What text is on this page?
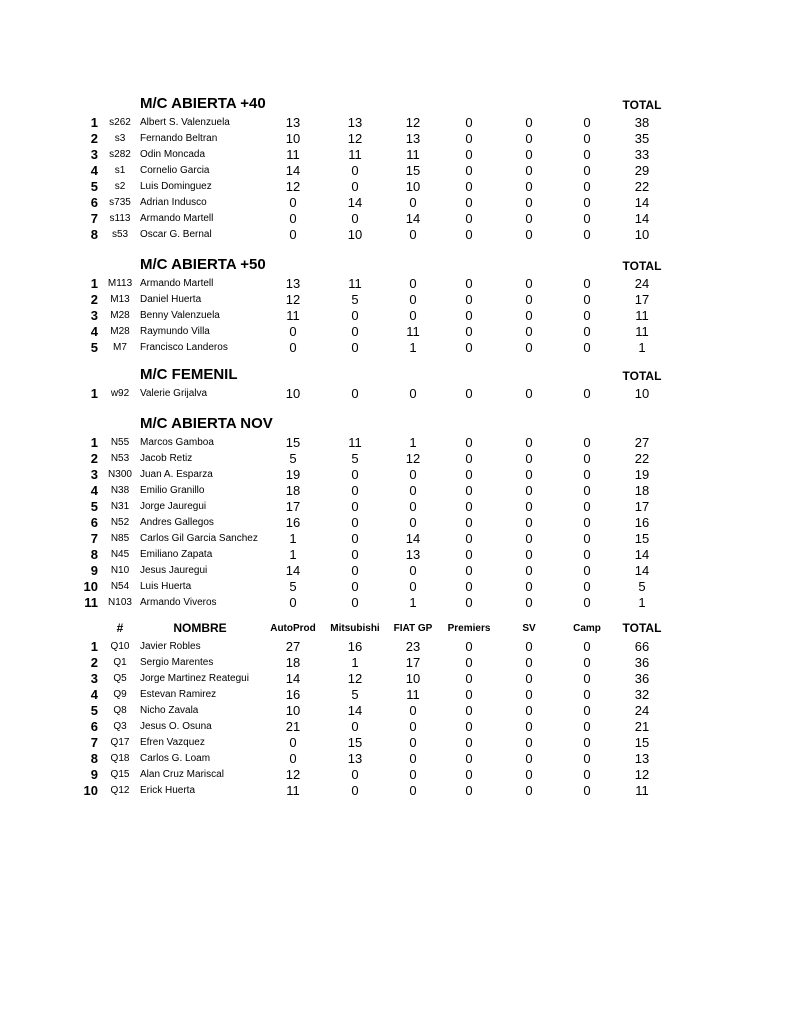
M/C ABIERTA +40	TOTAL
1	s262 Albert S. Valenzuela	13	13	12	0	0	0	38
2	s3	Fernando Beltran	10	12	13	0	0	0	35
3	s282 Odin Moncada	11	11	11	0	0	0	33
4	s1	Cornelio Garcia	14	0	15	0	0	0	29
5	s2	Luis Dominguez	12	0	10	0	0	0	22
6	s735 Adrian Indusco	0	14	0	0	0	0	14
7	s113 Armando Martell	0	0	14	0	0	0	14
8	s53	Oscar G. Bernal	0	10	0	0	0	0	10
M/C ABIERTA +50	TOTAL
1 M113 Armando Martell	13	11	0	0	0	0	24
2	M13	Daniel Huerta	12	5	0	0	0	0	17
3	M28	Benny Valenzuela	11	0	0	0	0	0	11
4	M28	Raymundo Villa	0	0	11	0	0	0	11
5	M7	Francisco Landeros	0	0	1	0	0	0	1
M/C FEMENIL	TOTAL
1	w92	Valerie Grijalva	10	0	0	0	0	0	10
M/C ABIERTA NOV
1	N55	Marcos Gamboa	15	11	1	0	0	0	27
2	N53	Jacob Retiz	5	5	12	0	0	0	22
3	N300 Juan A. Esparza	19	0	0	0	0	0	19
4	N38	Emilio Granillo	18	0	0	0	0	0	18
5	N31	Jorge Jauregui	17	0	0	0	0	0	17
6	N52	Andres Gallegos	16	0	0	0	0	0	16
7	N85	Carlos Gil Garcia Sanchez	1	0	14	0	0	0	15
8	N45	Emiliano Zapata	1	0	13	0	0	0	14
9	N10	Jesus Jauregui	14	0	0	0	0	0	14
10	N54	Luis Huerta	5	0	0	0	0	0	5
11	N103 Armando Viveros	0	0	1	0	0	0	1
#	NOMBRE	AutoProd	Mitsubishi	FIAT GP	Premiers	SV	Camp	TOTAL
1	Q10	Javier Robles	27	16	23	0	0	0	66
2	Q1	Sergio Marentes	18	1	17	0	0	0	36
3	Q5	Jorge Martinez Reategui	14	12	10	0	0	0	36
4	Q9	Estevan Ramirez	16	5	11	0	0	0	32
5	Q8	Nicho Zavala	10	14	0	0	0	0	24
6	Q3	Jesus O. Osuna	21	0	0	0	0	0	21
7	Q17	Efren Vazquez	0	15	0	0	0	0	15
8	Q18	Carlos G. Loam	0	13	0	0	0	0	13
9	Q15	Alan Cruz Mariscal	12	0	0	0	0	0	12
10	Q12	Erick Huerta	11	0	0	0	0	0	11
